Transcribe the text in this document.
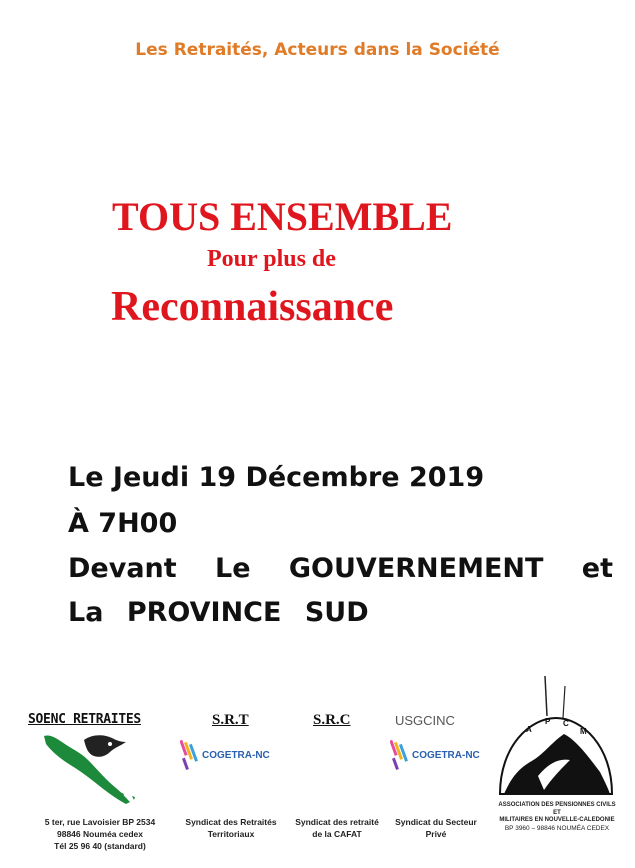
Les Retraités, Acteurs dans la Société
TOUS ENSEMBLE
Pour plus de
Reconnaissance
Le Jeudi 19 Décembre 2019
À 7H00
Devant Le GOUVERNEMENT et
La PROVINCE SUD
SOENC RETRAITES	S.R.T	S.R.C	USGCINC
COGETRA-NC	COGETRA-NC
A
P C
M
5 ter, rue Lavoisier BP 2534
98846 Nouméa cedex
Tél 25 96 40 (standard)
Syndicat des Retraités
Territoriaux
Syndicat des retraité
de la CAFAT
Syndicat du Secteur
Privé
ASSOCIATION DES PENSIONNES CIVILS
ET
MILITAIRES EN NOUVELLE-CALEDONIE
BP 3960 – 98846 NOUMÉA CEDEX
